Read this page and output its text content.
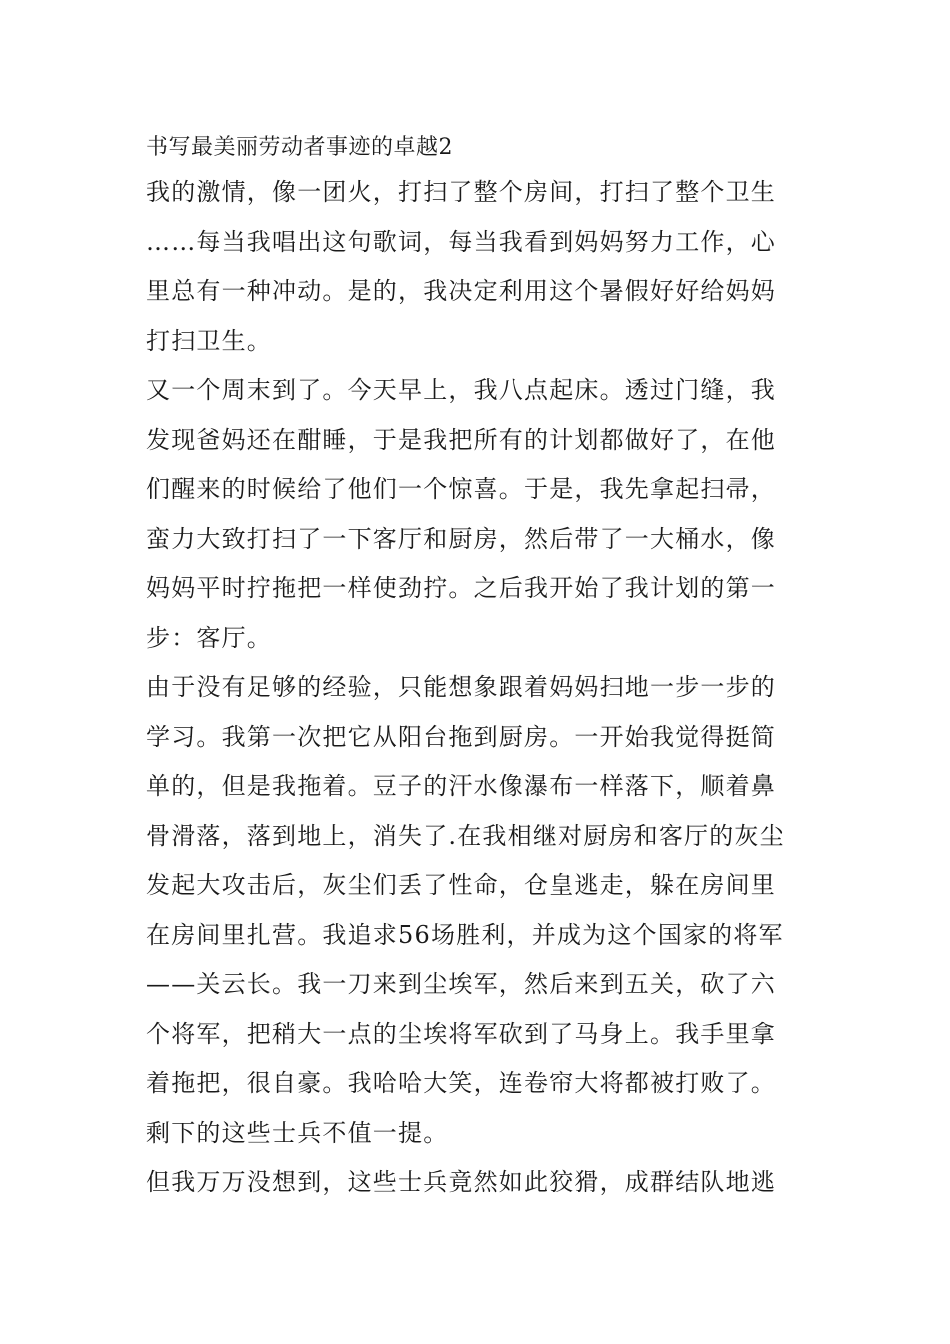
书写最美丽劳动者事迹的卓越2

我的激情，像一团火，打扫了整个房间，打扫了整个卫生
……每当我唱出这句歌词，每当我看到妈妈努力工作，心
里总有一种冲动。是的，我决定利用这个暑假好好给妈妈
打扫卫生。

又一个周末到了。今天早上，我八点起床。透过门缝，我
发现爸妈还在酣睡，于是我把所有的计划都做好了，在他
们醒来的时候给了他们一个惊喜。于是，我先拿起扫帚，
蛮力大致打扫了一下客厅和厨房，然后带了一大桶水，像
妈妈平时拧拖把一样使劲拧。之后我开始了我计划的第一
步：客厅。

由于没有足够的经验，只能想象跟着妈妈扫地一步一步的
学习。我第一次把它从阳台拖到厨房。一开始我觉得挺简
单的，但是我拖着。豆子的汗水像瀑布一样落下，顺着鼻
骨滑落，落到地上，消失了.在我相继对厨房和客厅的灰尘
发起大攻击后，灰尘们丢了性命，仓皇逃走，躲在房间里
在房间里扎营。我追求56场胜利，并成为这个国家的将军
——关云长。我一刀来到尘埃军，然后来到五关，砍了六
个将军，把稍大一点的尘埃将军砍到了马身上。我手里拿
着拖把，很自豪。我哈哈大笑，连卷帘大将都被打败了。
剩下的这些士兵不值一提。

但我万万没想到，这些士兵竟然如此狡猾，成群结队地逃
